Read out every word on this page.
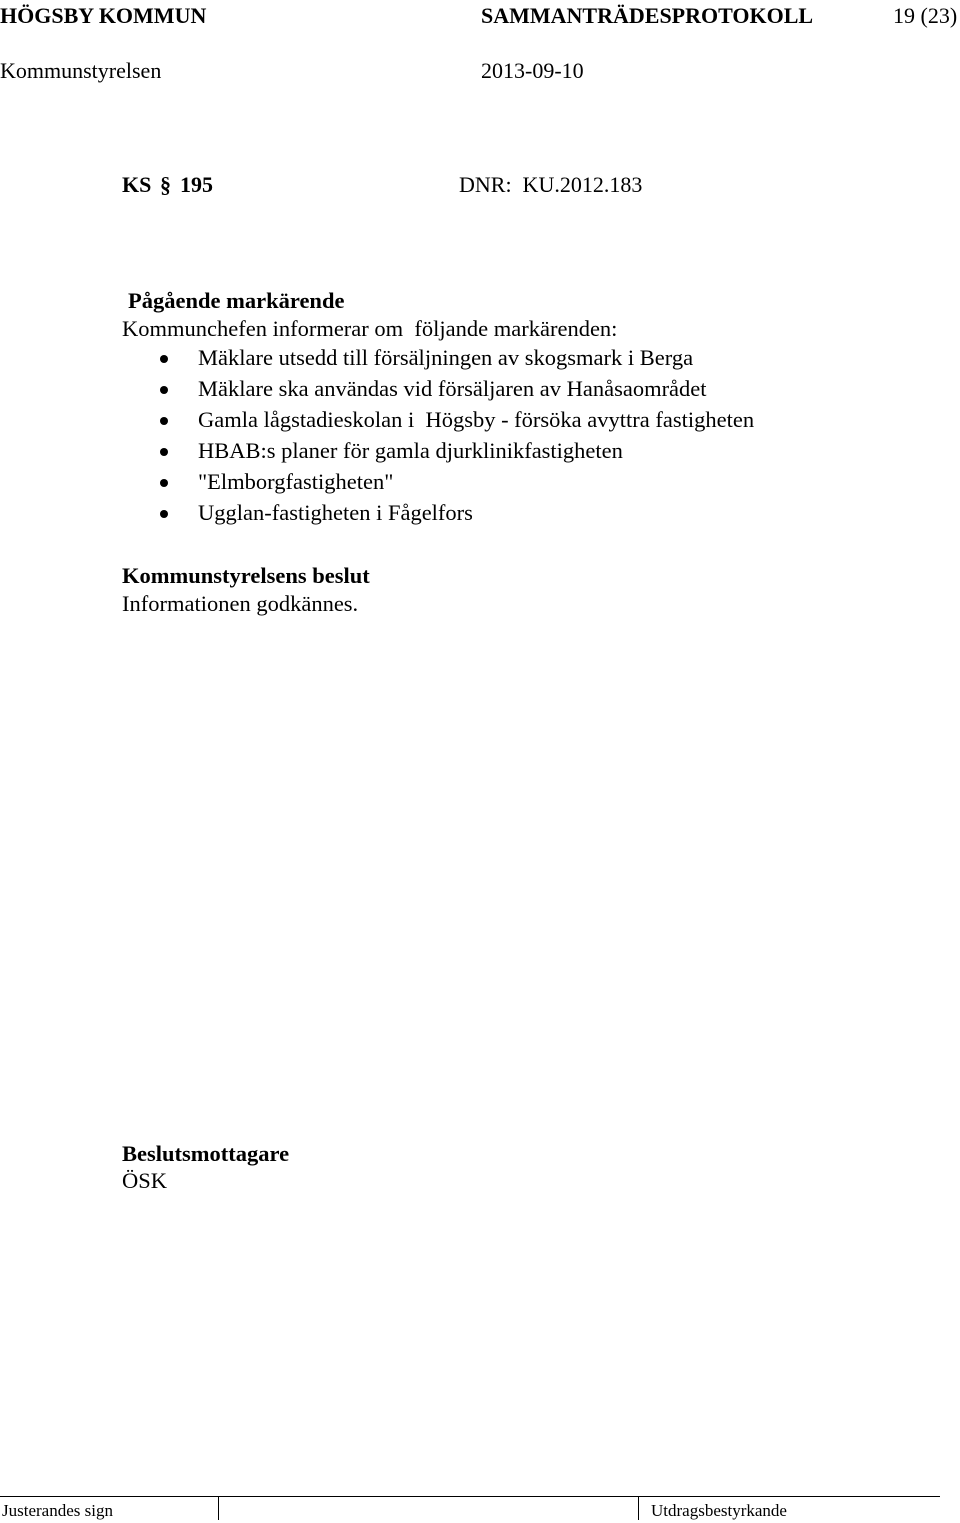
HÖGSBY KOMMUN	SAMMANTRÄDESPROTOKOLL	19 (23)
Kommunstyrelsen	2013-09-10
KS § 195	DNR:  KU.2012.183
Pågående markärende
Kommunchefen informerar om  följande markärenden:
Mäklare utsedd till försäljningen av skogsmark i Berga
Mäklare ska användas vid försäljaren av Hanåsaområdet
Gamla lågstadieskolan i  Högsby - försöka avyttra fastigheten
HBAB:s planer för gamla djurklinikfastigheten
"Elmborgfastigheten"
Ugglan-fastigheten i Fågelfors
Kommunstyrelsens beslut
Informationen godkännes.
Beslutsmottagare
ÖSK
Justerandes sign	Utdragsbestyrkande
